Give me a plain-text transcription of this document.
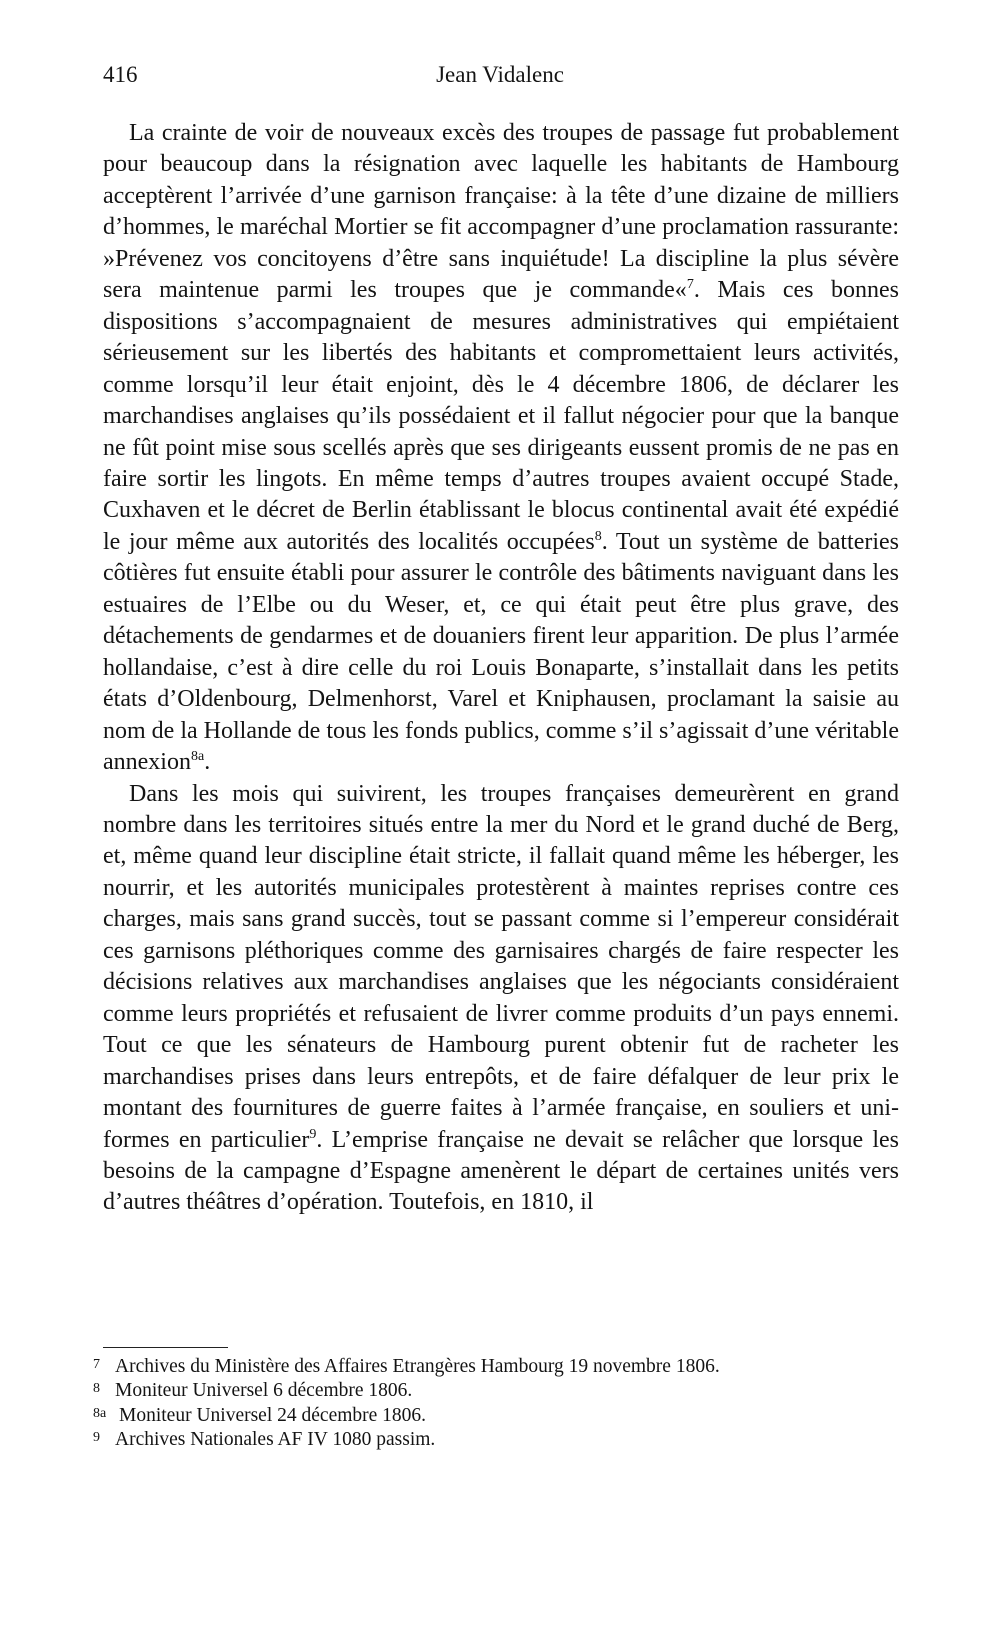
416	Jean Vidalenc

La crainte de voir de nouveaux excès des troupes de passage fut probablement pour beaucoup dans la résignation avec laquelle les habitants de Hambourg acceptèrent l’arrivée d’une garnison française: à la tête d’une dizaine de milliers d’hommes, le maréchal Mortier se fit accompagner d’une proclamation rassurante: »Prévenez vos concitoyens d’être sans inquiétude! La discipline la plus sévère sera maintenue parmi les troupes que je commande«$^7$. Mais ces bonnes dispositions s’accompagnaient de mesures administratives qui empiétaient sérieusement sur les libertés des habitants et compromettaient leurs activités, comme lorsqu’il leur était enjoint, dès le 4 décembre 1806, de déclarer les marchandises anglaises qu’ils possédaient et il fallut négocier pour que la banque ne fût point mise sous scellés après que ses dirigeants eussent promis de ne pas en faire sortir les lingots. En même temps d’autres troupes avaient occupé Stade, Cuxhaven et le décret de Berlin établissant le blocus continental avait été expédié le jour même aux autorités des localités occupées$^8$. Tout un système de batteries côtières fut ensuite établi pour assurer le contrôle des bâtiments naviguant dans les estuaires de l’Elbe ou du Weser, et, ce qui était peut être plus grave, des détachements de gendarmes et de douaniers firent leur apparition. De plus l’armée hollandaise, c’est à dire celle du roi Louis Bonaparte, s’installait dans les petits états d’Oldenbourg, Delmenhorst, Varel et Kniphausen, proclamant la saisie au nom de la Hollande de tous les fonds publics, comme s’il s’agissait d’une véritable annexion$^{8a}$.

Dans les mois qui suivirent, les troupes françaises demeurèrent en grand nombre dans les territoires situés entre la mer du Nord et le grand duché de Berg, et, même quand leur discipline était stricte, il fallait quand même les héberger, les nourrir, et les autorités municipales protestèrent à maintes reprises contre ces charges, mais sans grand succès, tout se passant comme si l’empereur considérait ces garnisons pléthoriques comme des garnisaires chargés de faire respecter les décisions relatives aux marchandises anglaises que les négociants considéraient comme leurs propriétés et refusaient de livrer comme produits d’un pays ennemi. Tout ce que les sénateurs de Hambourg purent obtenir fut de racheter les marchandises prises dans leurs entrepôts, et de faire défalquer de leur prix le montant des fournitures de guerre faites à l’armée française, en souliers et uniformes en particulier$^9$. L’emprise française ne devait se relâcher que lorsque les besoins de la campagne d’Espagne amenèrent le départ de certaines unités vers d’autres théâtres d’opération. Toutefois, en 1810, il

7 Archives du Ministère des Affaires Etrangères Hambourg 19 novembre 1806.
8 Moniteur Universel 6 décembre 1806.
8a Moniteur Universel 24 décembre 1806.
9 Archives Nationales AF IV 1080 passim.
